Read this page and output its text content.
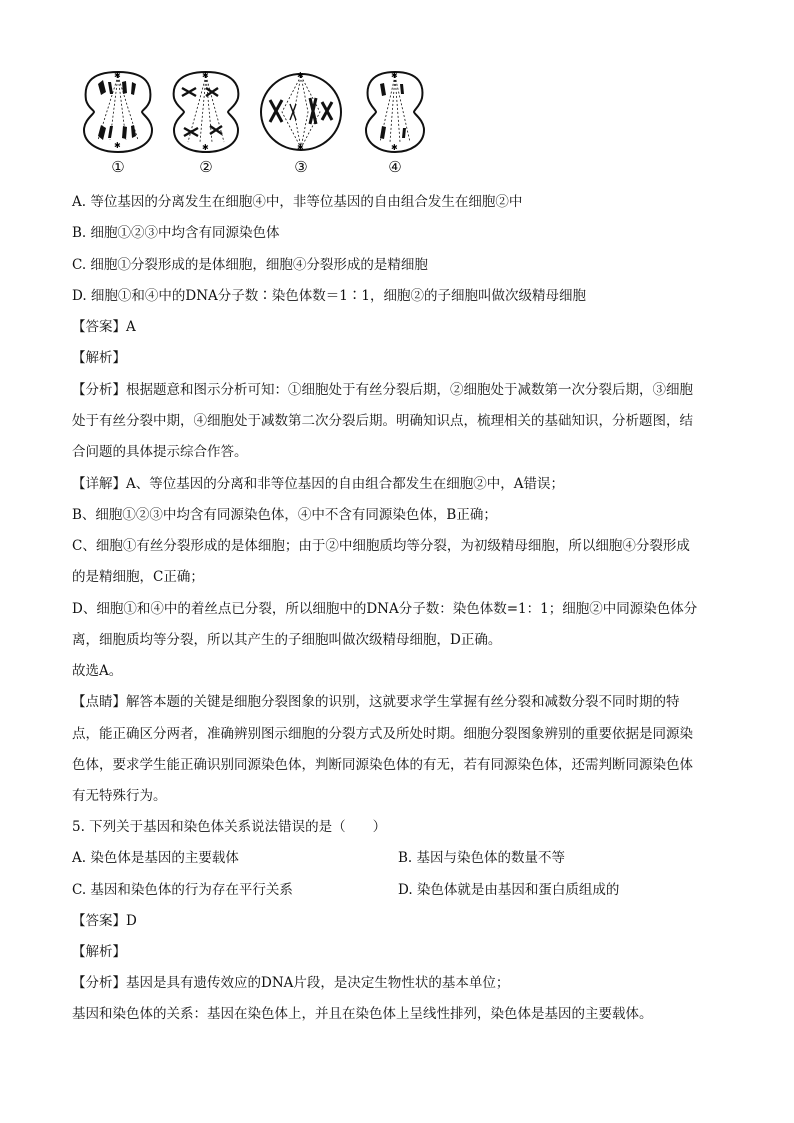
✱
✱
①
✱
✱
②
✱
✱
③
✱
✱
④
A. 等位基因的分离发生在细胞④中，非等位基因的自由组合发生在细胞②中
B. 细胞①②③中均含有同源染色体
C. 细胞①分裂形成的是体细胞，细胞④分裂形成的是精细胞
D. 细胞①和④中的DNA分子数∶染色体数＝1∶1，细胞②的子细胞叫做次级精母细胞
【答案】A
【解析】
【分析】根据题意和图示分析可知：①细胞处于有丝分裂后期，②细胞处于减数第一次分裂后期，③细胞
处于有丝分裂中期，④细胞处于减数第二次分裂后期。明确知识点，梳理相关的基础知识，分析题图，结
合问题的具体提示综合作答。
【详解】A、等位基因的分离和非等位基因的自由组合都发生在细胞②中，A错误；
B、细胞①②③中均含有同源染色体，④中不含有同源染色体，B正确；
C、细胞①有丝分裂形成的是体细胞；由于②中细胞质均等分裂，为初级精母细胞，所以细胞④分裂形成
的是精细胞，C正确；
D、细胞①和④中的着丝点已分裂，所以细胞中的DNA分子数：染色体数=1：1；细胞②中同源染色体分
离，细胞质均等分裂，所以其产生的子细胞叫做次级精母细胞，D正确。
故选A。
【点睛】解答本题的关键是细胞分裂图象的识别，这就要求学生掌握有丝分裂和减数分裂不同时期的特
点，能正确区分两者，准确辨别图示细胞的分裂方式及所处时期。细胞分裂图象辨别的重要依据是同源染
色体，要求学生能正确识别同源染色体，判断同源染色体的有无，若有同源染色体，还需判断同源染色体
有无特殊行为。
5. 下列关于基因和染色体关系说法错误的是（　　）
A. 染色体是基因的主要载体	B. 基因与染色体的数量不等
C. 基因和染色体的行为存在平行关系	D. 染色体就是由基因和蛋白质组成的
【答案】D
【解析】
【分析】基因是具有遗传效应的DNA片段，是决定生物性状的基本单位；
基因和染色体的关系：基因在染色体上，并且在染色体上呈线性排列，染色体是基因的主要载体。
